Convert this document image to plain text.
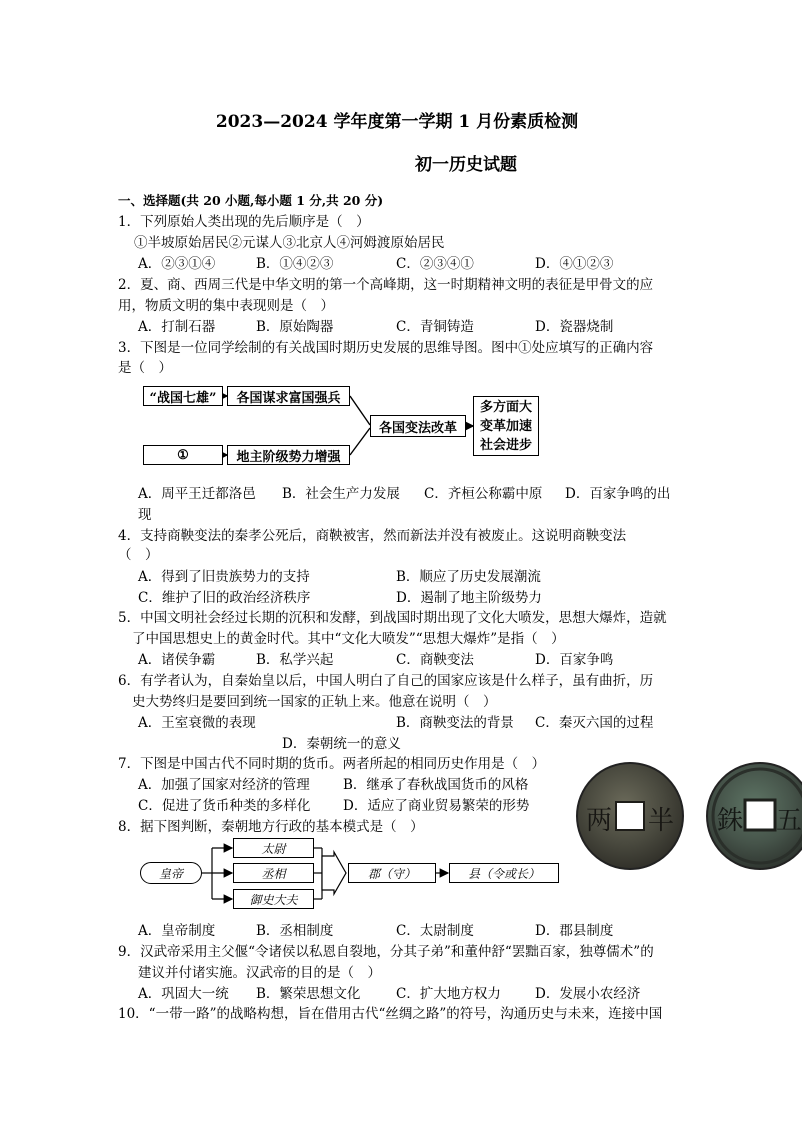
2023—2024 学年度第一学期 1 月份素质检测
初一历史试题
一、选择题(共 20 小题,每小题 1 分,共 20 分)
1．下列原始人类出现的先后顺序是（　）
①半坡原始居民②元谋人③北京人④河姆渡原始居民
A．②③①④	B．①④②③	C．②③④①	D．④①②③
2．夏、商、西周三代是中华文明的第一个高峰期，这一时期精神文明的表征是甲骨文的应
用，物质文明的集中表现则是（　）
A．打制石器	B．原始陶器	C．青铜铸造	D．瓷器烧制
3．下图是一位同学绘制的有关战国时期历史发展的思维导图。图中①处应填写的正确内容
是（　）
“战国七雄”	各国谋求富国强兵
①	地主阶级势力增强
各国变法改革
多方面大
变革加速
社会进步
A．周平王迁都洛邑 B．社会生产力发展 C．齐桓公称霸中原 D．百家争鸣的出
现
4．支持商鞅变法的秦孝公死后，商鞅被害，然而新法并没有被废止。这说明商鞅变法
（　）
A．得到了旧贵族势力的支持	B．顺应了历史发展潮流
C．维护了旧的政治经济秩序	D．遏制了地主阶级势力
5．中国文明社会经过长期的沉积和发酵，到战国时期出现了文化大喷发，思想大爆炸，造就
了中国思想史上的黄金时代。其中“文化大喷发”“思想大爆炸”是指（　）
A．诸侯争霸	B．私学兴起	C．商鞅变法	D．百家争鸣
6．有学者认为，自秦始皇以后，中国人明白了自己的国家应该是什么样子，虽有曲折，历
史大势终归是要回到统一国家的正轨上来。他意在说明（　）
A．王室衰微的表现	B．商鞅变法的背景 C．秦灭六国的过程
D．秦朝统一的意义
7．下图是中国古代不同时期的货币。两者所起的相同历史作用是（　）
A．加强了国家对经济的管理 B．继承了春秋战国货币的风格
C．促进了货币种类的多样化 D．适应了商业贸易繁荣的形势 两 半 銖 五
8．据下图判断，秦朝地方行政的基本模式是（　）
皇帝
太尉
丞相
御史大夫
郡（守）	县（令或长）
A．皇帝制度	B．丞相制度	C．太尉制度	D．郡县制度
9．汉武帝采用主父偃“令诸侯以私恩自裂地，分其子弟”和董仲舒“罢黜百家，独尊儒术”的
建议并付诸实施。汉武帝的目的是（　）
A．巩固大一统 B．繁荣思想文化	C．扩大地方权力	D．发展小农经济
10．“一带一路”的战略构想，旨在借用古代“丝绸之路”的符号，沟通历史与未来，连接中国
